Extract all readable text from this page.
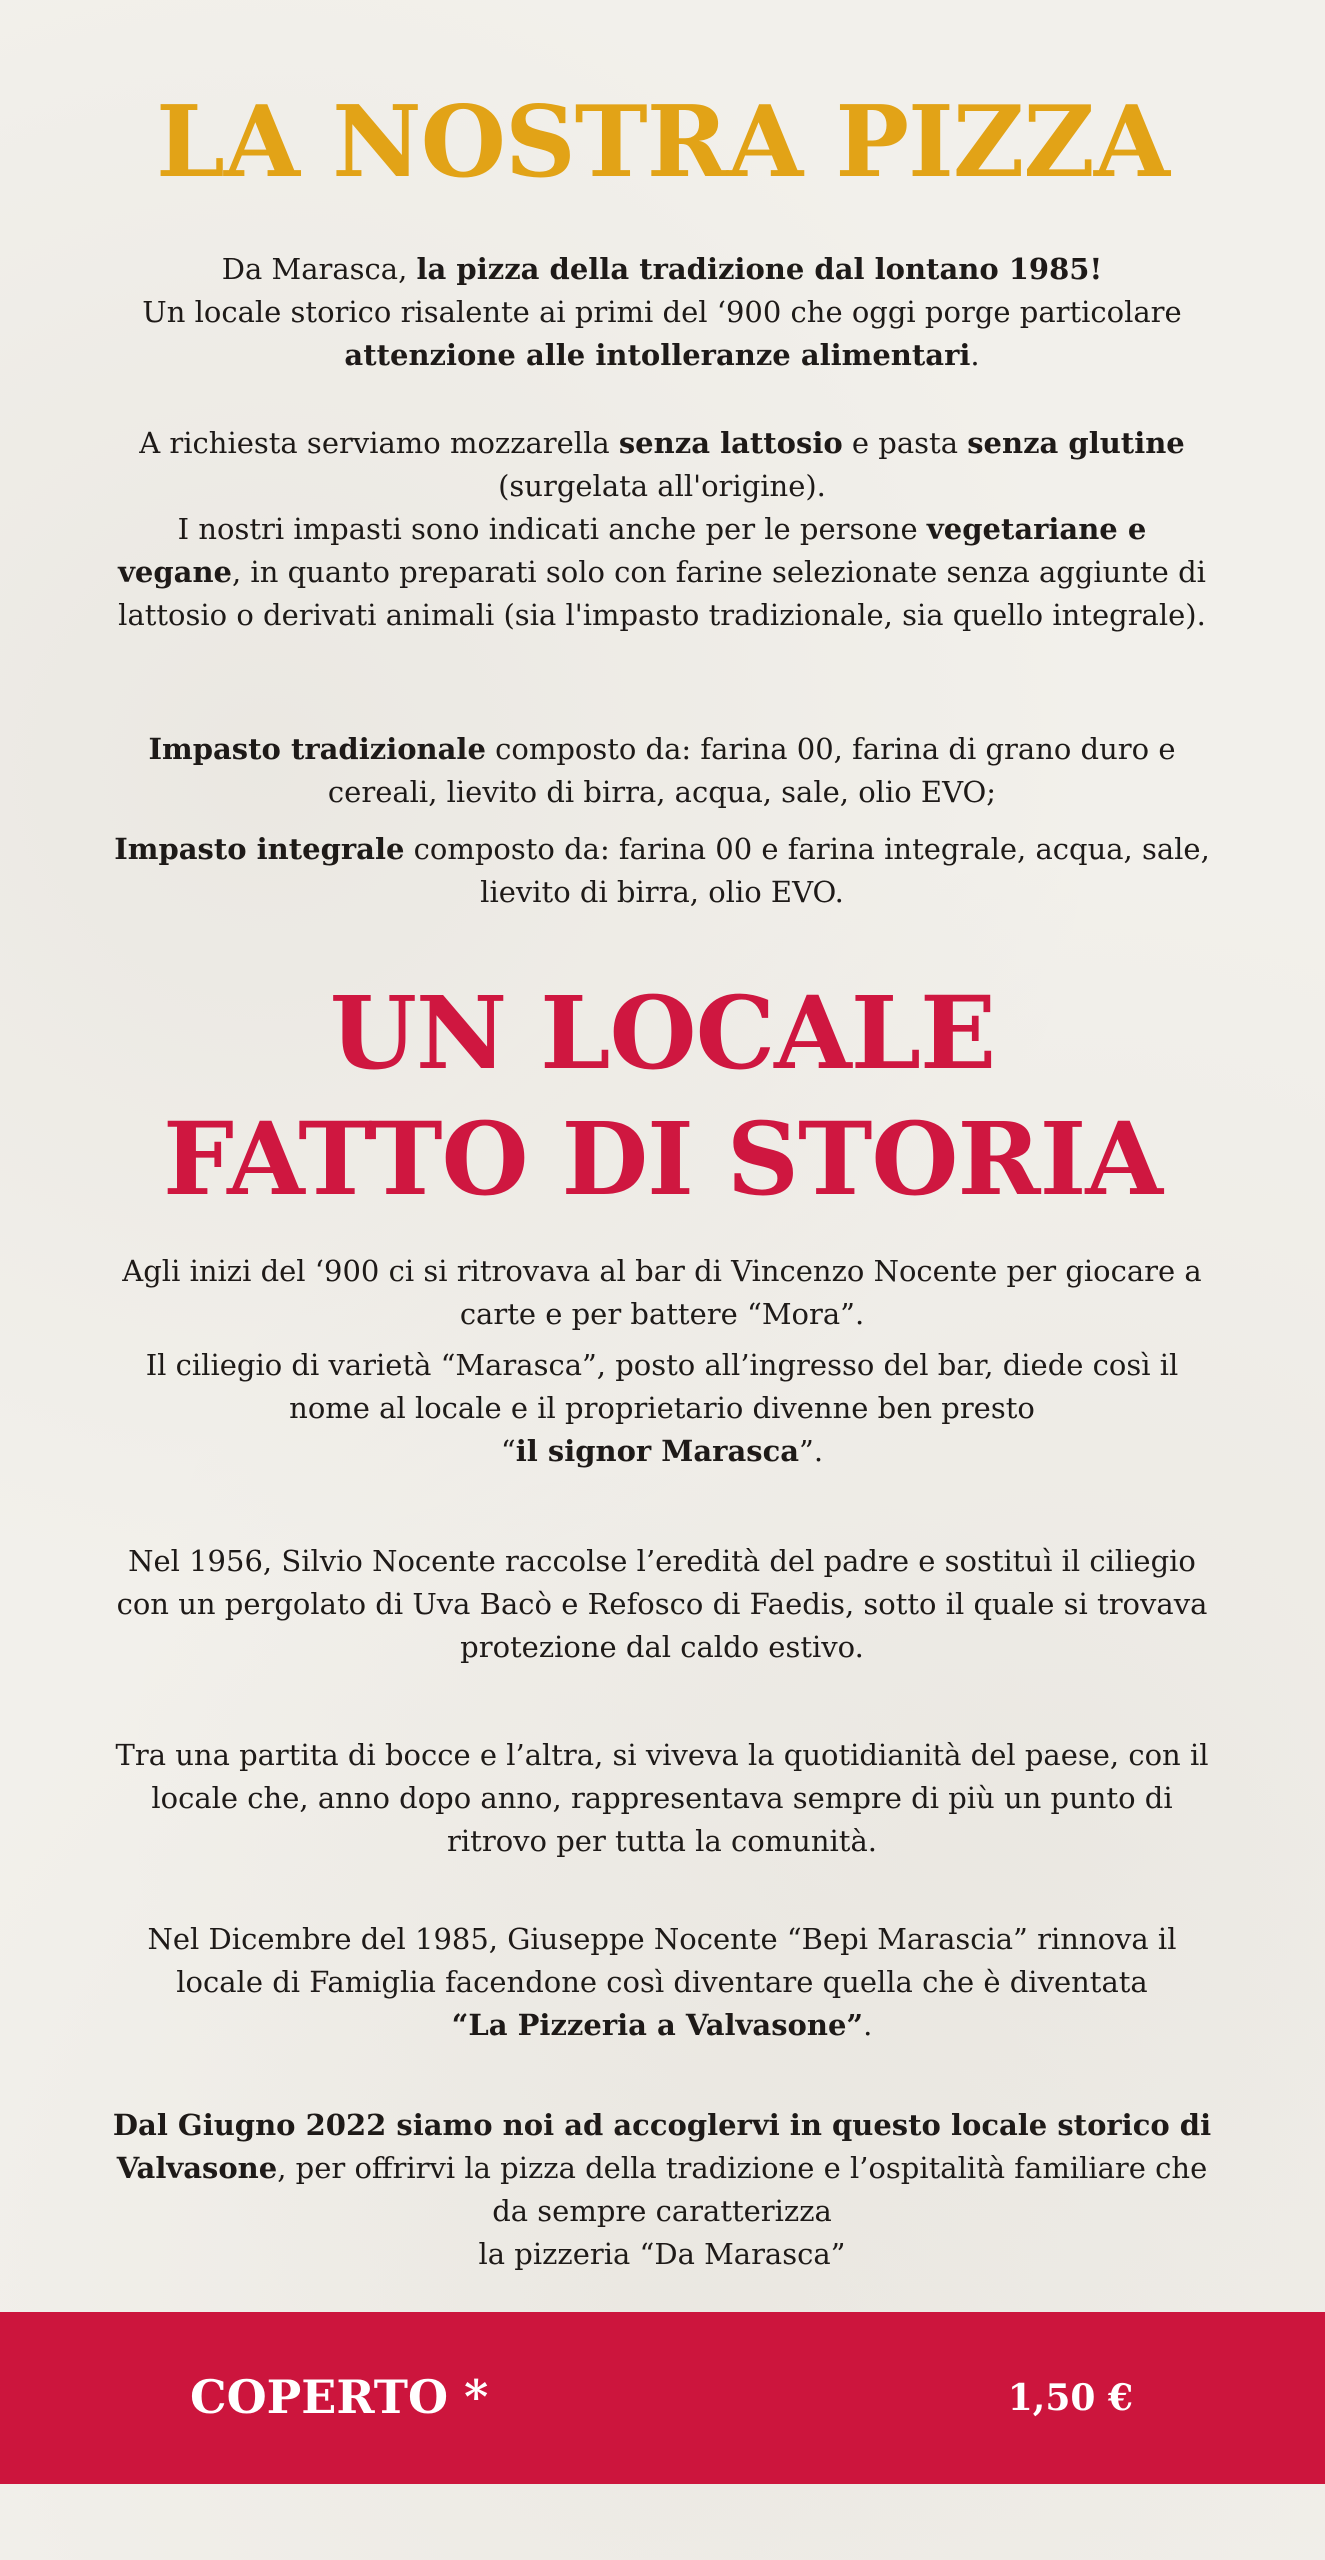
LA NOSTRA PIZZA

Da Marasca, la pizza della tradizione dal lontano 1985!
Un locale storico risalente ai primi del ‘900 che oggi porge particolare attenzione alle intolleranze alimentari.

A richiesta serviamo mozzarella senza lattosio e pasta senza glutine (surgelata all'origine).
I nostri impasti sono indicati anche per le persone vegetariane e vegane, in quanto preparati solo con farine selezionate senza aggiunte di lattosio o derivati animali (sia l'impasto tradizionale, sia quello integrale).

Impasto tradizionale composto da: farina 00, farina di grano duro e cereali, lievito di birra, acqua, sale, olio EVO;

Impasto integrale composto da: farina 00 e farina integrale, acqua, sale, lievito di birra, olio EVO.

UN LOCALE
FATTO DI STORIA

Agli inizi del ‘900 ci si ritrovava al bar di Vincenzo Nocente per giocare a carte e per battere “Mora”.

Il ciliegio di varietà “Marasca”, posto all’ingresso del bar, diede così il nome al locale e il proprietario divenne ben presto
“il signor Marasca”.

Nel 1956, Silvio Nocente raccolse l’eredità del padre e sostituì il ciliegio con un pergolato di Uva Bacò e Refosco di Faedis, sotto il quale si trovava protezione dal caldo estivo.

Tra una partita di bocce e l’altra, si viveva la quotidianità del paese, con il locale che, anno dopo anno, rappresentava sempre di più un punto di ritrovo per tutta la comunità.

Nel Dicembre del 1985, Giuseppe Nocente “Bepi Marascia” rinnova il locale di Famiglia facendone così diventare quella che è diventata
“La Pizzeria a Valvasone”.

Dal Giugno 2022 siamo noi ad accoglervi in questo locale storico di Valvasone, per offrirvi la pizza della tradizione e l’ospitalità familiare che da sempre caratterizza
la pizzeria “Da Marasca”

COPERTO *	1,50 €
